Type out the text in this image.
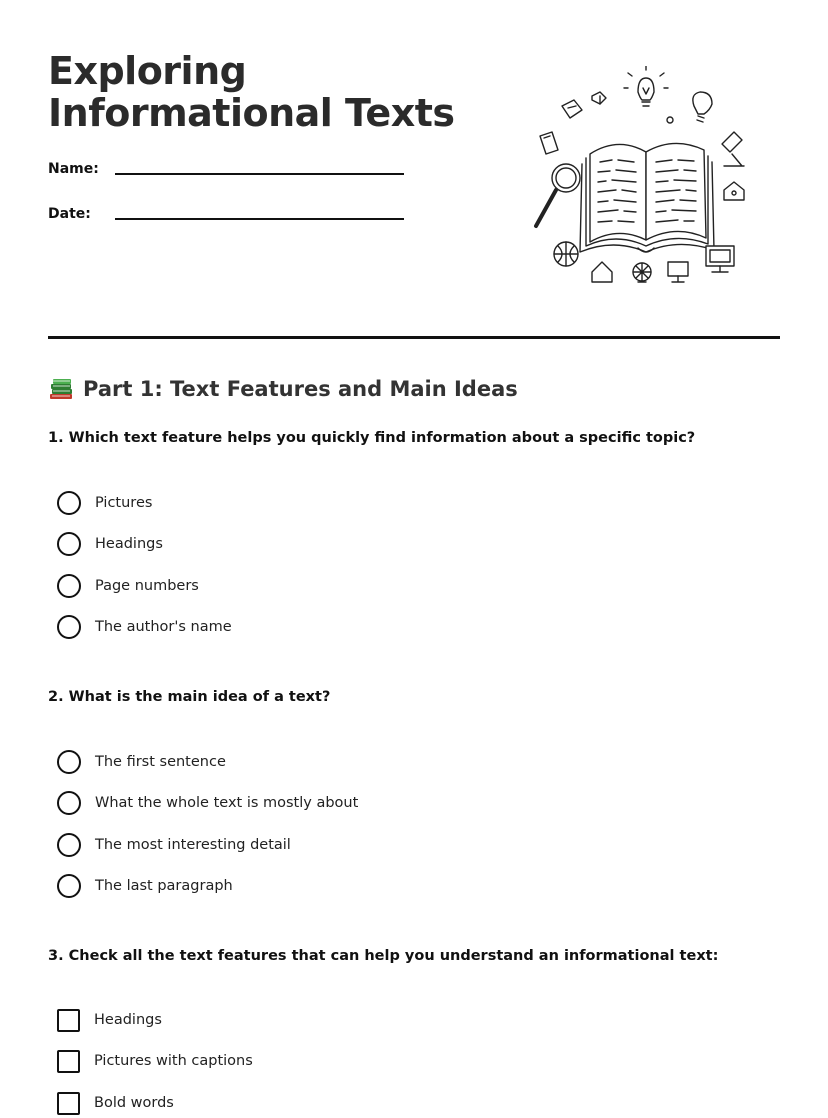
Exploring Informational Texts
Name:
Date:
Part 1: Text Features and Main Ideas
1. Which text feature helps you quickly find information about a specific topic?
Pictures
Headings
Page numbers
The author's name
2. What is the main idea of a text?
The first sentence
What the whole text is mostly about
The most interesting detail
The last paragraph
3. Check all the text features that can help you understand an informational text:
Headings
Pictures with captions
Bold words
